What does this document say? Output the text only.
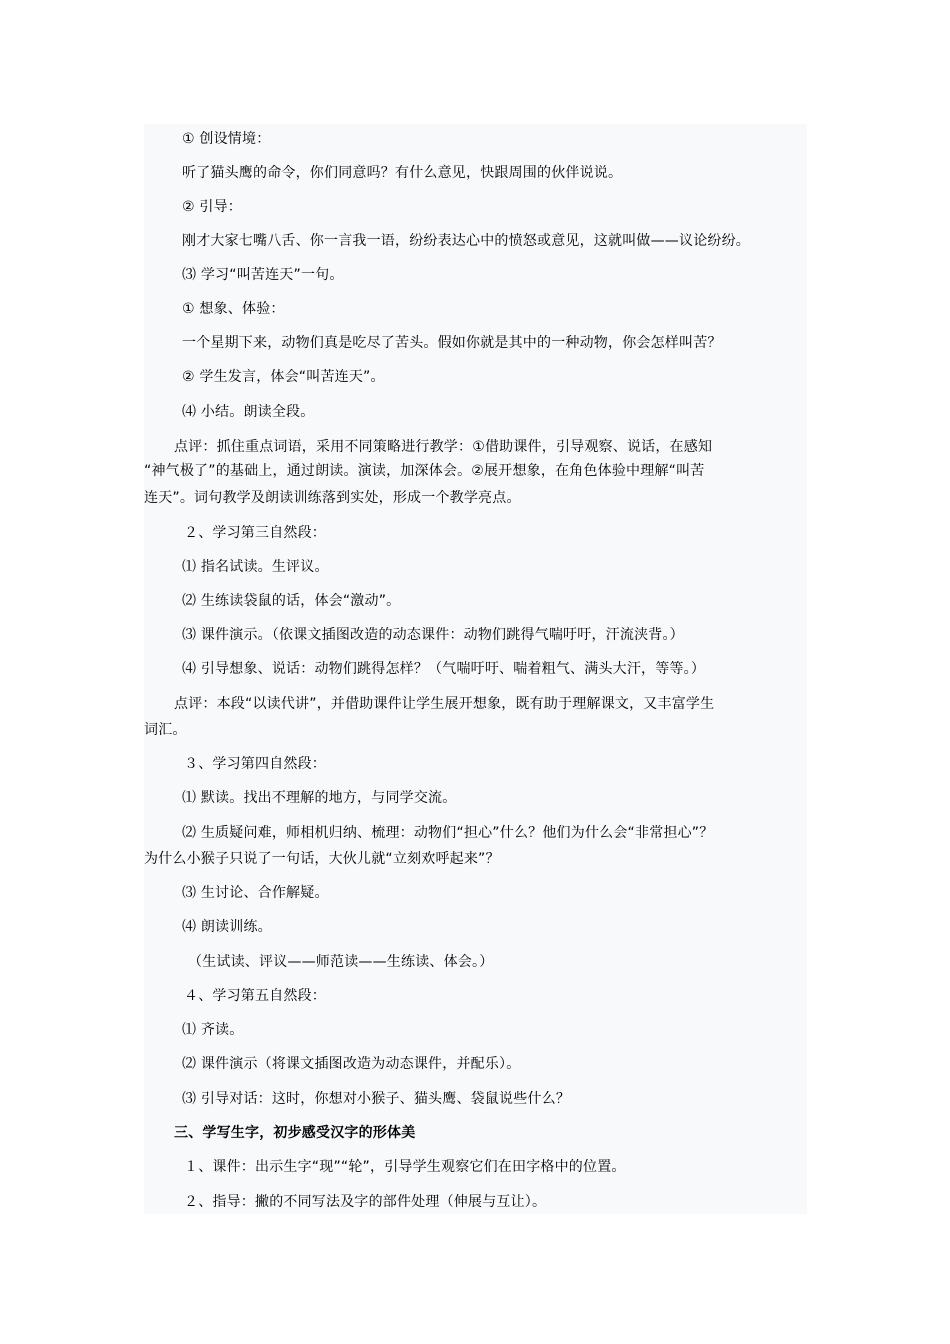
① 创设情境：
听了猫头鹰的命令，你们同意吗？有什么意见，快跟周围的伙伴说说。
② 引导：
刚才大家七嘴八舌、你一言我一语，纷纷表达心中的愤怒或意见，这就叫做——议论纷纷。
⑶ 学习“叫苦连天”一句。
① 想象、体验：
一个星期下来，动物们真是吃尽了苦头。假如你就是其中的一种动物，你会怎样叫苦？
② 学生发言，体会“叫苦连天”。
⑷ 小结。朗读全段。
点评：抓住重点词语，采用不同策略进行教学：①借助课件，引导观察、说话，在感知
“神气极了”的基础上，通过朗读。演读，加深体会。②展开想象，在角色体验中理解“叫苦
连天”。词句教学及朗读训练落到实处，形成一个教学亮点。
２、学习第三自然段：
⑴ 指名试读。生评议。
⑵ 生练读袋鼠的话，体会“激动”。
⑶ 课件演示。（依课文插图改造的动态课件：动物们跳得气喘吁吁，汗流浃背。）
⑷ 引导想象、说话：动物们跳得怎样？（气喘吁吁、喘着粗气、满头大汗，等等。）
点评：本段“以读代讲”，并借助课件让学生展开想象，既有助于理解课文，又丰富学生
词汇。
３、学习第四自然段：
⑴ 默读。找出不理解的地方，与同学交流。
⑵ 生质疑问难，师相机归纳、梳理：动物们“担心”什么？他们为什么会“非常担心”？
为什么小猴子只说了一句话，大伙儿就“立刻欢呼起来”？
⑶ 生讨论、合作解疑。
⑷ 朗读训练。
（生试读、评议——师范读——生练读、体会。）
４、学习第五自然段：
⑴ 齐读。
⑵ 课件演示（将课文插图改造为动态课件，并配乐）。
⑶ 引导对话：这时，你想对小猴子、猫头鹰、袋鼠说些什么？
三、学写生字，初步感受汉字的形体美
１、课件：出示生字“现”“轮”，引导学生观察它们在田字格中的位置。
２、指导：撇的不同写法及字的部件处理（伸展与互让）。
